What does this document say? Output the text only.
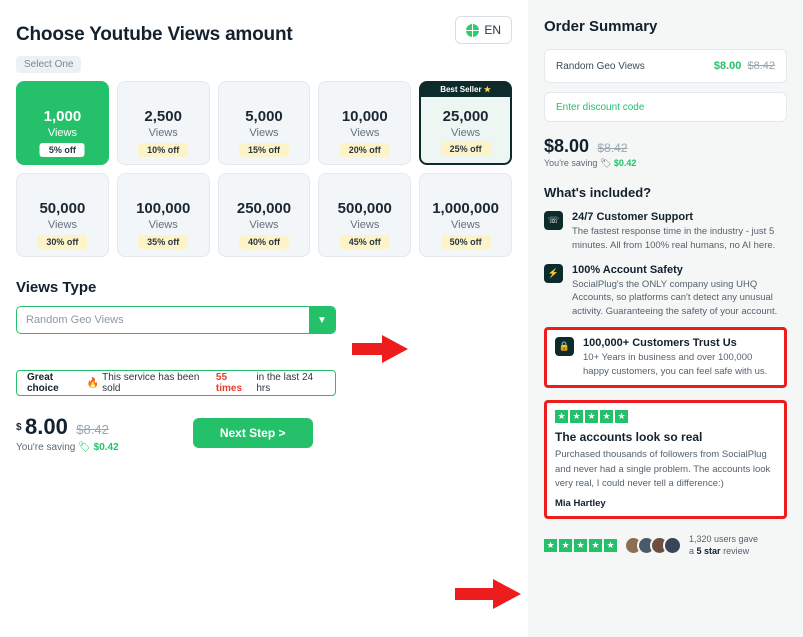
Choose Youtube Views amount	EN
Select One
1,000
Views
5% off
2,500
Views
10% off
5,000
Views
15% off
10,000
Views
20% off
Best Seller ★
25,000
Views
25% off
50,000
Views
30% off
100,000
Views
35% off
250,000
Views
40% off
500,000
Views
45% off
1,000,000
Views
50% off
Views Type
Random Geo Views	▼
Great choice	🔥 This service has been sold
55 times
in the last 24 hrs
$ 8.00 $8.42
You're saving 🏷 $0.42
Next Step >
Order Summary
Random Geo Views	$8.00 $8.42
Enter discount code
$8.00 $8.42
You're saving 🏷 $0.42
What's included?
☏	24/7 Customer Support
The fastest response time in the industry - just 5 minutes. All from 100% real humans, no AI here.
⚡	100% Account Safety
SocialPlug's the ONLY company using UHQ Accounts, so platforms can't detect any unusual activity. Guaranteeing the safety of your account.
🔒	100,000+ Customers Trust Us
10+ Years in business and over 100,000 happy customers, you can feel safe with us.
★ ★ ★ ★ ★
The accounts look so real
Purchased thousands of followers from SocialPlug and never had a single problem. The accounts look very real, I could never tell a difference:)
Mia Hartley
★ ★ ★ ★ ★
1,320 users gave
a 5 star review
